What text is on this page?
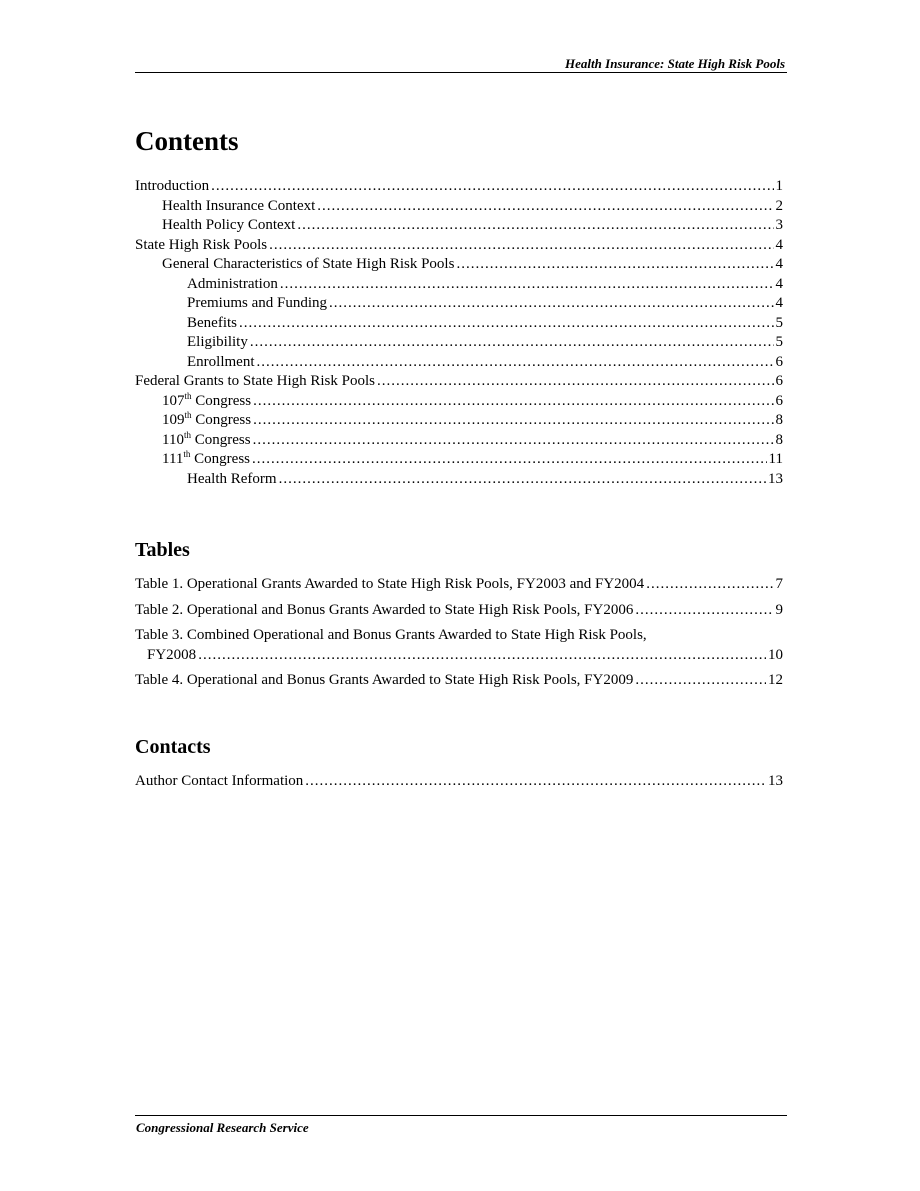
Health Insurance: State High Risk Pools
Contents
Introduction .....	1
Health Insurance Context .....	2
Health Policy Context .....	3
State High Risk Pools .....	4
General Characteristics of State High Risk Pools .....	4
Administration .....	4
Premiums and Funding .....	4
Benefits .....	5
Eligibility .....	5
Enrollment .....	6
Federal Grants to State High Risk Pools .....	6
107th Congress .....	6
109th Congress .....	8
110th Congress .....	8
111th Congress .....	11
Health Reform .....	13
Tables
Table 1. Operational Grants Awarded to State High Risk Pools, FY2003 and FY2004 .....	7
Table 2. Operational and Bonus Grants Awarded to State High Risk Pools, FY2006 .....	9
Table 3. Combined Operational and Bonus Grants Awarded to State High Risk Pools,
FY2008 .....	10
Table 4. Operational and Bonus Grants Awarded to State High Risk Pools, FY2009 .....	12
Contacts
Author Contact Information .....	13
Congressional Research Service
